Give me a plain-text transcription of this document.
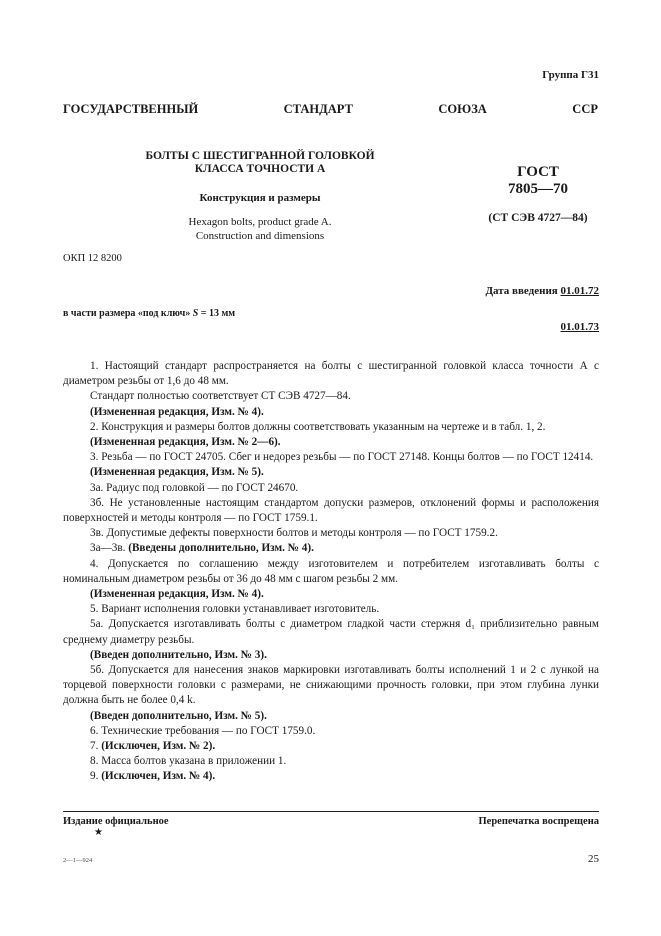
Группа Г31
ГОСУДАРСТВЕННЫЙ	СТАНДАРТ	СОЮЗА	ССР
БОЛТЫ С ШЕСТИГРАННОЙ ГОЛОВКОЙ
КЛАССА ТОЧНОСТИ А
Конструкция и размеры
Hexagon bolts, product grade A.
Construction and dimensions
ГОСТ
7805—70
(СТ СЭВ 4727—84)
ОКП 12 8200
Дата введения 01.01.72
в части размера «под ключ» S = 13 мм
01.01.73

1. Настоящий стандарт распространяется на болты с шестигранной головкой класса точности А с диаметром резьбы от 1,6 до 48 мм.

Стандарт полностью соответствует СТ СЭВ 4727—84.

(Измененная редакция, Изм. № 4).

2. Конструкция и размеры болтов должны соответствовать указанным на чертеже и в табл. 1, 2.

(Измененная редакция, Изм. № 2—6).

3. Резьба — по ГОСТ 24705. Сбег и недорез резьбы — по ГОСТ 27148. Концы болтов — по ГОСТ 12414.

(Измененная редакция, Изм. № 5).

3а. Радиус под головкой — по ГОСТ 24670.

3б. Не установленные настоящим стандартом допуски размеров, отклонений формы и расположения поверхностей и методы контроля — по ГОСТ 1759.1.

3в. Допустимые дефекты поверхности болтов и методы контроля — по ГОСТ 1759.2.

3а—3в. (Введены дополнительно, Изм. № 4).

4. Допускается по соглашению между изготовителем и потребителем изготавливать болты с номинальным диаметром резьбы от 36 до 48 мм с шагом резьбы 2 мм.

(Измененная редакция, Изм. № 4).

5. Вариант исполнения головки устанавливает изготовитель.

5а. Допускается изготавливать болты с диаметром гладкой части стержня d₁ приблизительно равным среднему диаметру резьбы.

(Введен дополнительно, Изм. № 3).

5б. Допускается для нанесения знаков маркировки изготавливать болты исполнений 1 и 2 с лункой на торцевой поверхности головки с размерами, не снижающими прочность головки, при этом глубина лунки должна быть не более 0,4 k.

(Введен дополнительно, Изм. № 5).

6. Технические требования — по ГОСТ 1759.0.

7. (Исключен, Изм. № 2).

8. Масса болтов указана в приложении 1.

9. (Исключен, Изм. № 4).

Издание официальное
★
Перепечатка воспрещена
2—1—924	25
